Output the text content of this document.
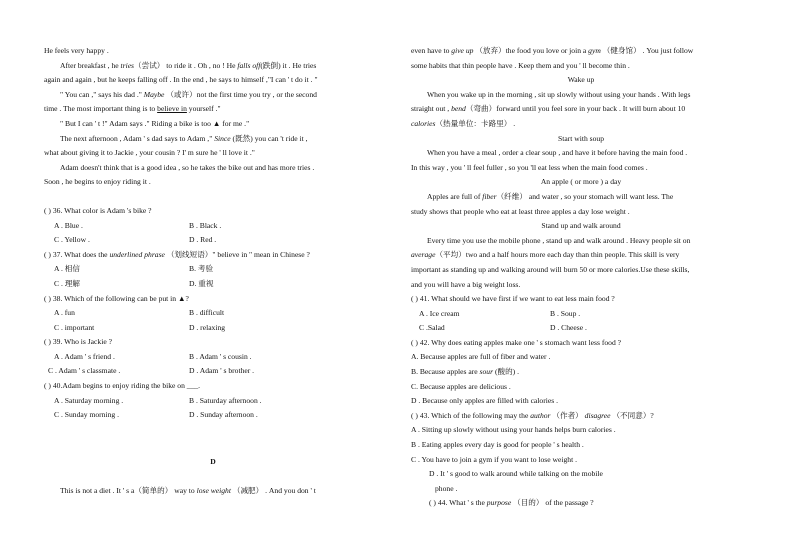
He feels very happy .

After breakfast , he tries（尝试） to ride it . Oh , no ! He falls off(跌倒) it . He tries

again and again , but he keeps falling off . In the end , he says to himself ,"I can ' t do it . "

" You can ," says his dad ." Maybe （或许）not the first time you try , or the second

time . The most important thing is to believe in yourself ."

" But I can ' t !" Adam says ." Riding a bike is too ▲ for me ."

The next afternoon , Adam ' s dad says to Adam ," Since (既然) you can 't ride it ,

what about giving it to Jackie , your cousin ? I' m sure he ' ll love it ."

Adam doesn't think that is a good idea , so he takes the bike out and has more tries .

Soon , he begins to enjoy riding it .

( ) 36. What color is Adam 's bike ?

A . Blue .	B . Black .
C . Yellow .	D . Red .

( ) 37. What does the underlined phrase （划线短语）" believe in " mean in Chinese ?

A . 相信	B. 考验
C . 理解	D. 重视

( ) 38. Which of the following can be put in ▲?

A . fun	B . difficult
C . important	D . relaxing

( ) 39. Who is Jackie ?

A . Adam ' s friend .	B . Adam ' s cousin .
C . Adam ' s classmate .	D . Adam ' s brother .

( ) 40.Adam begins to enjoy riding the bike on ___.

A . Saturday morning .	B . Saturday afternoon .
C . Sunday morning .	D . Sunday afternoon .

D

This is not a diet . It ' s a（简单的） way to lose weight （减肥） . And you don ' t

even have to give up （放弃）the food you love or join a gym （健身馆） . You just follow

some habits that thin people have . Keep them and you ' ll become thin .

Wake up

When you wake up in the morning , sit up slowly without using your hands . With legs

straight out , bend（弯曲）forward until you feel sore in your back . It will burn about 10

calories（热量单位：卡路里） .

Start with soup

When you have a meal , order a clear soup , and have it before having the main food .

In this way , you ' ll feel fuller , so you 'll eat less when the main food comes .

An apple ( or more ) a day

Apples are full of fiber（纤维） and water , so your stomach will want less. The

study shows that people who eat at least three apples a day lose weight .

Stand up and walk around

Every time you use the mobile phone , stand up and walk around . Heavy people sit on

average（平均）two and a half hours more each day than thin people. This skill is very

important as standing up and walking around will burn 50 or more calories.Use these skills,

and you will have a big weight loss.

( ) 41. What should we have first if we want to eat less main food ?

A . Ice cream	B . Soup .
C .Salad	D . Cheese .

( ) 42. Why does eating apples make one ' s stomach want less food ?

A. Because apples are full of fiber and water .

B. Because apples are sour (酸的) .

C. Because apples are delicious .

D . Because only apples are filled with calories .

( ) 43. Which of the following may the author （作者） disagree （不同意）?

A . Sitting up slowly without using your hands helps burn calories .

B . Eating apples every day is good for people ' s health .

C . You have to join a gym if you want to lose weight .

D . It ' s good to walk around while talking on the mobile

phone .

( ) 44. What ' s the purpose （目的） of the passage ?
